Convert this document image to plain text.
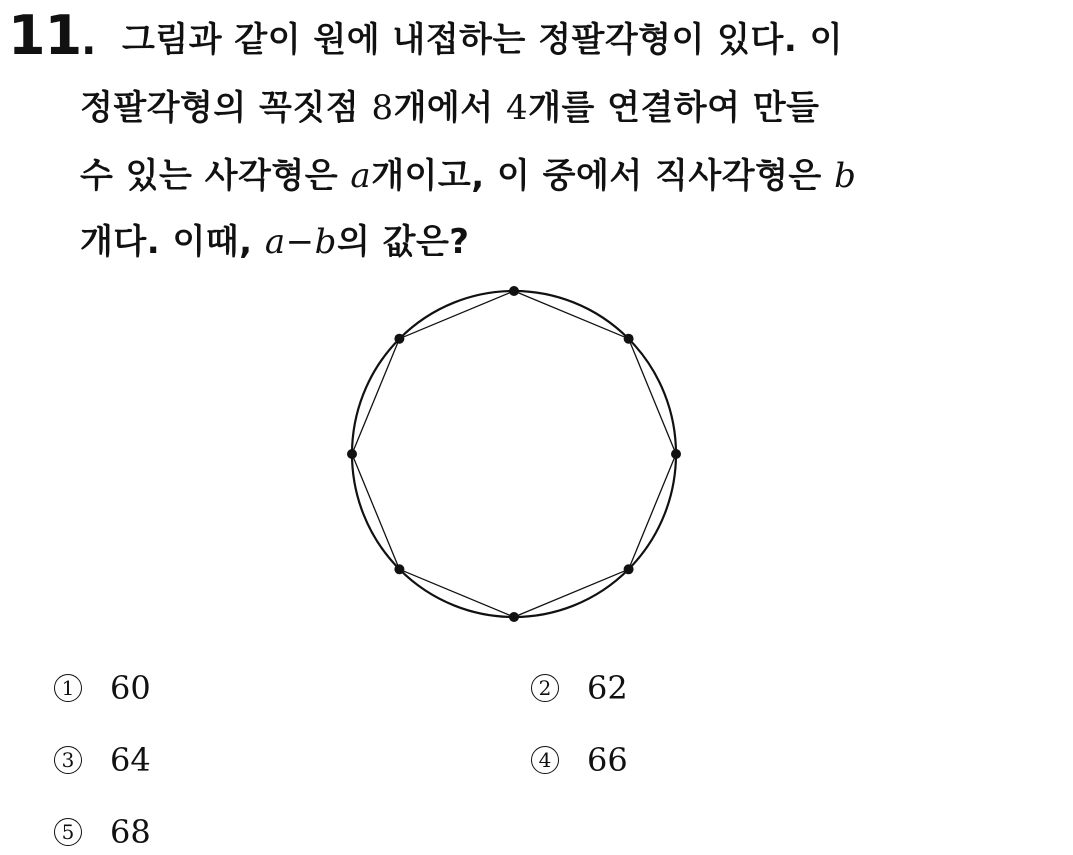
11. 그림과 같이 원에 내접하는 정팔각형이 있다. 이
정팔각형의 꼭짓점 8개에서 4개를 연결하여 만들
수 있는 사각형은 a개이고, 이 중에서 직사각형은 b
개다. 이때, a−b의 값은?
1 60	2 62
3 64	4 66
5 68
